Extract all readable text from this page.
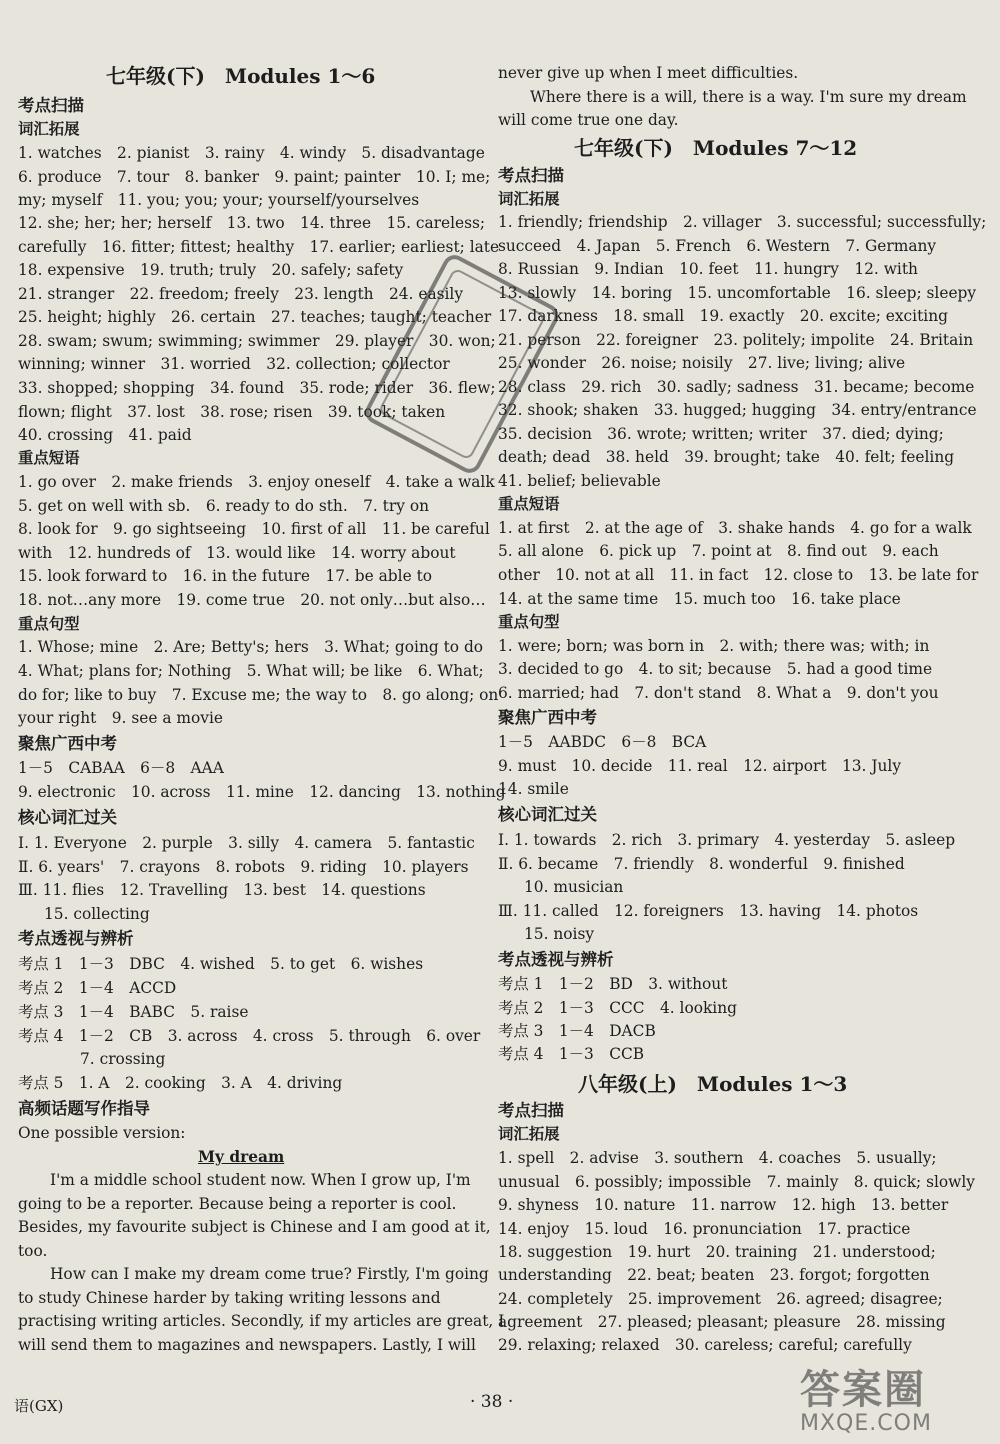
七年级(下)　Modules 1～6
考点扫描
词汇拓展
1. watches　2. pianist　3. rainy　4. windy　5. disadvantage
6. produce　7. tour　8. banker　9. paint; painter　10. I; me;
my; myself　11. you; you; your; yourself/yourselves
12. she; her; her; herself　13. two　14. three　15. careless;
carefully　16. fitter; fittest; healthy　17. earlier; earliest; late
18. expensive　19. truth; truly　20. safely; safety
21. stranger　22. freedom; freely　23. length　24. easily
25. height; highly　26. certain　27. teaches; taught; teacher
28. swam; swum; swimming; swimmer　29. player　30. won;
winning; winner　31. worried　32. collection; collector
33. shopped; shopping　34. found　35. rode; rider　36. flew;
flown; flight　37. lost　38. rose; risen　39. took; taken
40. crossing　41. paid
重点短语
1. go over　2. make friends　3. enjoy oneself　4. take a walk
5. get on well with sb.　6. ready to do sth.　7. try on
8. look for　9. go sightseeing　10. first of all　11. be careful
with　12. hundreds of　13. would like　14. worry about
15. look forward to　16. in the future　17. be able to
18. not…any more　19. come true　20. not only…but also…
重点句型
1. Whose; mine　2. Are; Betty's; hers　3. What; going to do
4. What; plans for; Nothing　5. What will; be like　6. What;
do for; like to buy　7. Excuse me; the way to　8. go along; on
your right　9. see a movie
聚焦广西中考
1－5　CABAA　6－8　AAA
9. electronic　10. across　11. mine　12. dancing　13. nothing
核心词汇过关
Ⅰ. 1. Everyone　2. purple　3. silly　4. camera　5. fantastic
Ⅱ. 6. years'　7. crayons　8. robots　9. riding　10. players
Ⅲ. 11. flies　12. Travelling　13. best　14. questions
15. collecting
考点透视与辨析
考点 1　1－3　DBC　4. wished　5. to get　6. wishes
考点 2　1－4　ACCD
考点 3　1－4　BABC　5. raise
考点 4　1－2　CB　3. across　4. cross　5. through　6. over
7. crossing
考点 5　1. A　2. cooking　3. A　4. driving
高频话题写作指导
One possible version:
My dream
I'm a middle school student now. When I grow up, I'm
going to be a reporter. Because being a reporter is cool.
Besides, my favourite subject is Chinese and I am good at it,
too.
How can I make my dream come true? Firstly, I'm going
to study Chinese harder by taking writing lessons and
practising writing articles. Secondly, if my articles are great, I
will send them to magazines and newspapers. Lastly, I will
never give up when I meet difficulties.
Where there is a will, there is a way. I'm sure my dream
will come true one day.
七年级(下)　Modules 7～12
考点扫描
词汇拓展
1. friendly; friendship　2. villager　3. successful; successfully;
succeed　4. Japan　5. French　6. Western　7. Germany
8. Russian　9. Indian　10. feet　11. hungry　12. with
13. slowly　14. boring　15. uncomfortable　16. sleep; sleepy
17. darkness　18. small　19. exactly　20. excite; exciting
21. person　22. foreigner　23. politely; impolite　24. Britain
25. wonder　26. noise; noisily　27. live; living; alive
28. class　29. rich　30. sadly; sadness　31. became; become
32. shook; shaken　33. hugged; hugging　34. entry/entrance
35. decision　36. wrote; written; writer　37. died; dying;
death; dead　38. held　39. brought; take　40. felt; feeling
41. belief; believable
重点短语
1. at first　2. at the age of　3. shake hands　4. go for a walk
5. all alone　6. pick up　7. point at　8. find out　9. each
other　10. not at all　11. in fact　12. close to　13. be late for
14. at the same time　15. much too　16. take place
重点句型
1. were; born; was born in　2. with; there was; with; in
3. decided to go　4. to sit; because　5. had a good time
6. married; had　7. don't stand　8. What a　9. don't you
聚焦广西中考
1－5　AABDC　6－8　BCA
9. must　10. decide　11. real　12. airport　13. July
14. smile
核心词汇过关
Ⅰ. 1. towards　2. rich　3. primary　4. yesterday　5. asleep
Ⅱ. 6. became　7. friendly　8. wonderful　9. finished
10. musician
Ⅲ. 11. called　12. foreigners　13. having　14. photos
15. noisy
考点透视与辨析
考点 1　1－2　BD　3. without
考点 2　1－3　CCC　4. looking
考点 3　1－4　DACB
考点 4　1－3　CCB
八年级(上)　Modules 1～3
考点扫描
词汇拓展
1. spell　2. advise　3. southern　4. coaches　5. usually;
unusual　6. possibly; impossible　7. mainly　8. quick; slowly
9. shyness　10. nature　11. narrow　12. high　13. better
14. enjoy　15. loud　16. pronunciation　17. practice
18. suggestion　19. hurt　20. training　21. understood;
understanding　22. beat; beaten　23. forgot; forgotten
24. completely　25. improvement　26. agreed; disagree;
agreement　27. pleased; pleasant; pleasure　28. missing
29. relaxing; relaxed　30. careless; careful; carefully
语(GX)	· 38 ·	答案圈
MXQE.COM
